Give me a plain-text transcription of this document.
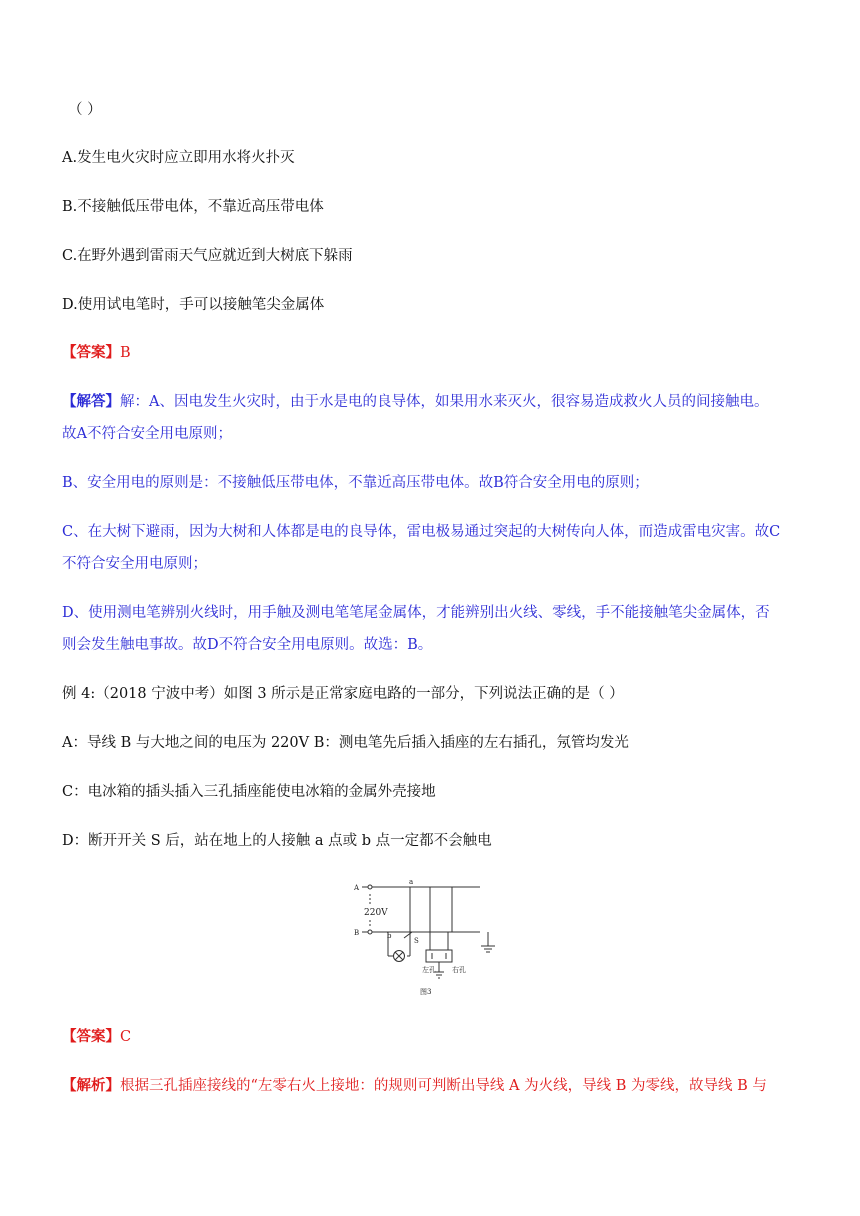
（ ）
A.发生电火灾时应立即用水将火扑灭
B.不接触低压带电体，不靠近高压带电体
C.在野外遇到雷雨天气应就近到大树底下躲雨
D.使用试电笔时，手可以接触笔尖金属体
【答案】B
【解答】解：A、因电发生火灾时，由于水是电的良导体，如果用水来灭火，很容易造成救火人员的间接触电。
故A不符合安全用电原则；
B、安全用电的原则是：不接触低压带电体，不靠近高压带电体。故B符合安全用电的原则；
C、在大树下避雨，因为大树和人体都是电的良导体，雷电极易通过突起的大树传向人体，而造成雷电灾害。故C
不符合安全用电原则；
D、使用测电笔辨别火线时，用手触及测电笔笔尾金属体，才能辨别出火线、零线，手不能接触笔尖金属体，否
则会发生触电事故。故D不符合安全用电原则。故选：B。
例 4:（2018 宁波中考）如图 3 所示是正常家庭电路的一部分，下列说法正确的是（ ）
A：导线 B 与大地之间的电压为 220V B：测电笔先后插入插座的左右插孔，氖管均发光
C：电冰箱的插头插入三孔插座能使电冰箱的金属外壳接地
D：断开开关 S 后，站在地上的人接触 a 点或 b 点一定都不会触电
A
B
a
b
S
220V
左孔 右孔
图3
【答案】C
【解析】根据三孔插座接线的“左零右火上接地：的规则可判断出导线 A 为火线，导线 B 为零线，故导线 B 与
